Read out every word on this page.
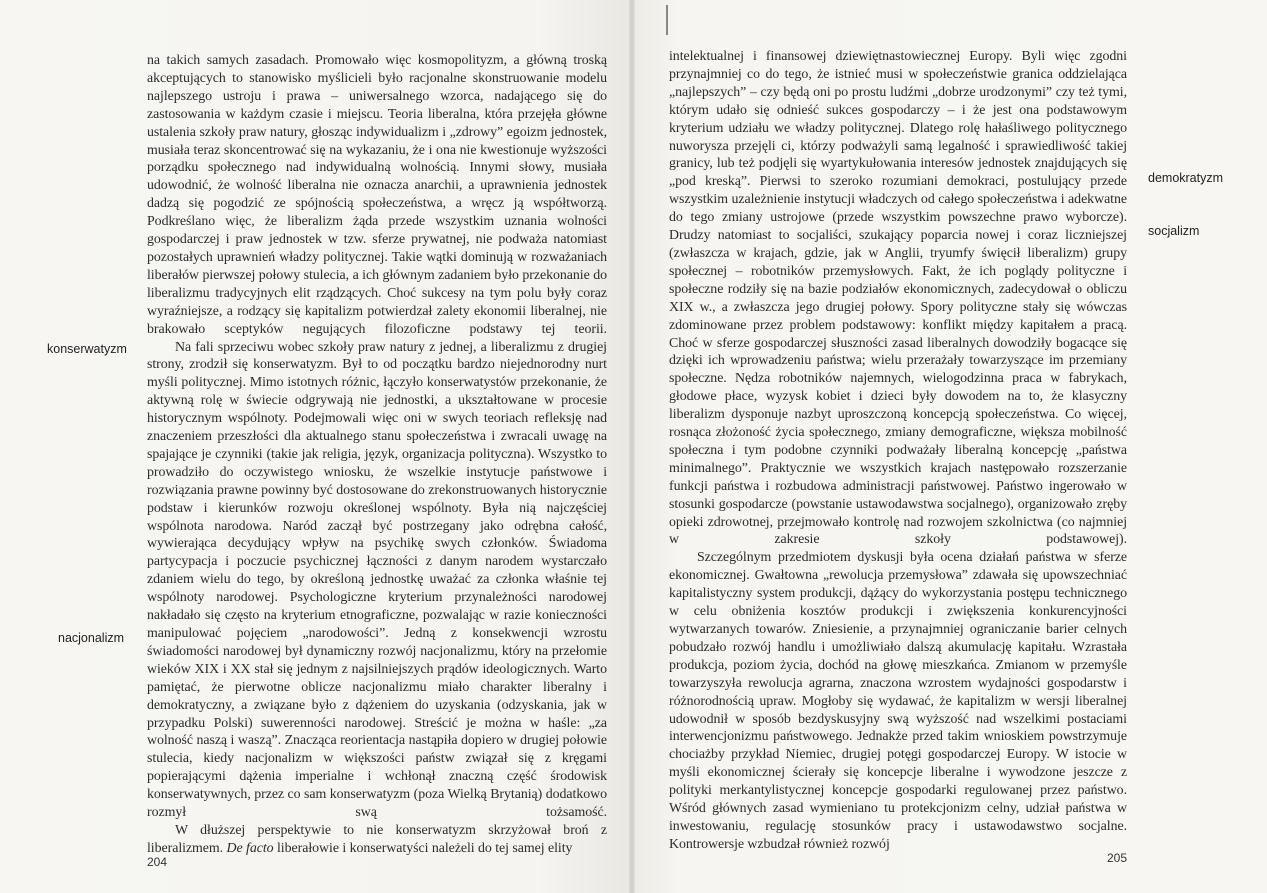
na takich samych zasadach. Promowało więc kosmopolityzm, a główną troską akceptujących to stanowisko myślicieli było racjonalne skonstruowanie modelu najlepszego ustroju i prawa – uniwersalnego wzorca, nadającego się do zastosowania w każdym czasie i miejscu. Teoria liberalna, która przejęła główne ustalenia szkoły praw natury, głosząc indywidualizm i „zdrowy” egoizm jednostek, musiała teraz skoncentrować się na wykazaniu, że i ona nie kwestionuje wyższości porządku społecznego nad indywidualną wolnością. Innymi słowy, musiała udowodnić, że wolność liberalna nie oznacza anarchii, a uprawnienia jednostek dadzą się pogodzić ze spójnością społeczeństwa, a wręcz ją współtworzą. Podkreślano więc, że liberalizm żąda przede wszystkim uznania wolności gospodarczej i praw jednostek w tzw. sferze prywatnej, nie podważa natomiast pozostałych uprawnień władzy politycznej. Takie wątki dominują w rozważaniach liberałów pierwszej połowy stulecia, a ich głównym zadaniem było przekonanie do liberalizmu tradycyjnych elit rządzących. Choć sukcesy na tym polu były coraz wyraźniejsze, a rodzący się kapitalizm potwierdzał zalety ekonomii liberalnej, nie brakowało sceptyków negujących filozoficzne podstawy tej teorii.

Na fali sprzeciwu wobec szkoły praw natury z jednej, a liberalizmu z drugiej strony, zrodził się konserwatyzm. Był to od początku bardzo niejednorodny nurt myśli politycznej. Mimo istotnych różnic, łączyło konserwatystów przekonanie, że aktywną rolę w świecie odgrywają nie jednostki, a ukształtowane w procesie historycznym wspólnoty. Podejmowali więc oni w swych teoriach refleksję nad znaczeniem przeszłości dla aktualnego stanu społeczeństwa i zwracali uwagę na spajające je czynniki (takie jak religia, język, organizacja polityczna). Wszystko to prowadziło do oczywistego wniosku, że wszelkie instytucje państwowe i rozwiązania prawne powinny być dostosowane do zrekonstruowanych historycznie podstaw i kierunków rozwoju określonej wspólnoty. Była nią najczęściej wspólnota narodowa. Naród zaczął być postrzegany jako odrębna całość, wywierająca decydujący wpływ na psychikę swych członków. Świadoma partycypacja i poczucie psychicznej łączności z danym narodem wystarczało zdaniem wielu do tego, by określoną jednostkę uważać za członka właśnie tej wspólnoty narodowej. Psychologiczne kryterium przynależności narodowej nakładało się często na kryterium etnograficzne, pozwalając w razie konieczności manipulować pojęciem „narodowości”. Jedną z konsekwencji wzrostu świadomości narodowej był dynamiczny rozwój nacjonalizmu, który na przełomie wieków XIX i XX stał się jednym z najsilniejszych prądów ideologicznych. Warto pamiętać, że pierwotne oblicze nacjonalizmu miało charakter liberalny i demokratyczny, a związane było z dążeniem do uzyskania (odzyskania, jak w przypadku Polski) suwerenności narodowej. Streścić je można w haśle: „za wolność naszą i waszą”. Znacząca reorientacja nastąpiła dopiero w drugiej połowie stulecia, kiedy nacjonalizm w większości państw związał się z kręgami popierającymi dążenia imperialne i wchłonął znaczną część środowisk konserwatywnych, przez co sam konserwatyzm (poza Wielką Brytanią) dodatkowo rozmył swą tożsamość.

W dłuższej perspektywie to nie konserwatyzm skrzyżował broń z liberalizmem. De facto liberałowie i konserwatyści należeli do tej samej elity

konserwatyzm
nacjonalizm
204

intelektualnej i finansowej dziewiętnastowiecznej Europy. Byli więc zgodni przynajmniej co do tego, że istnieć musi w społeczeństwie granica oddzielająca „najlepszych” – czy będą oni po prostu ludźmi „dobrze urodzonymi” czy też tymi, którym udało się odnieść sukces gospodarczy – i że jest ona podstawowym kryterium udziału we władzy politycznej. Dlatego rolę hałaśliwego politycznego nuworysza przejęli ci, którzy podważyli samą legalność i sprawiedliwość takiej granicy, lub też podjęli się wyartykułowania interesów jednostek znajdujących się „pod kreską”. Pierwsi to szeroko rozumiani demokraci, postulujący przede wszystkim uzależnienie instytucji władczych od całego społeczeństwa i adekwatne do tego zmiany ustrojowe (przede wszystkim powszechne prawo wyborcze). Drudzy natomiast to socjaliści, szukający poparcia nowej i coraz liczniejszej (zwłaszcza w krajach, gdzie, jak w Anglii, tryumfy święcił liberalizm) grupy społecznej – robotników przemysłowych. Fakt, że ich poglądy polityczne i społeczne rodziły się na bazie podziałów ekonomicznych, zadecydował o obliczu XIX w., a zwłaszcza jego drugiej połowy. Spory polityczne stały się wówczas zdominowane przez problem podstawowy: konflikt między kapitałem a pracą. Choć w sferze gospodarczej słuszności zasad liberalnych dowodziły bogacące się dzięki ich wprowadzeniu państwa; wielu przerażały towarzyszące im przemiany społeczne. Nędza robotników najemnych, wielogodzinna praca w fabrykach, głodowe płace, wyzysk kobiet i dzieci były dowodem na to, że klasyczny liberalizm dysponuje nazbyt uproszczoną koncepcją społeczeństwa. Co więcej, rosnąca złożoność życia społecznego, zmiany demograficzne, większa mobilność społeczna i tym podobne czynniki podważały liberalną koncepcję „państwa minimalnego”. Praktycznie we wszystkich krajach następowało rozszerzanie funkcji państwa i rozbudowa administracji państwowej. Państwo ingerowało w stosunki gospodarcze (powstanie ustawodawstwa socjalnego), organizowało zręby opieki zdrowotnej, przejmowało kontrolę nad rozwojem szkolnictwa (co najmniej w zakresie szkoły podstawowej).

Szczególnym przedmiotem dyskusji była ocena działań państwa w sferze ekonomicznej. Gwałtowna „rewolucja przemysłowa” zdawała się upowszechniać kapitalistyczny system produkcji, dążący do wykorzystania postępu technicznego w celu obniżenia kosztów produkcji i zwiększenia konkurencyjności wytwarzanych towarów. Zniesienie, a przynajmniej ograniczanie barier celnych pobudzało rozwój handlu i umożliwiało dalszą akumulację kapitału. Wzrastała produkcja, poziom życia, dochód na głowę mieszkańca. Zmianom w przemyśle towarzyszyła rewolucja agrarna, znaczona wzrostem wydajności gospodarstw i różnorodnością upraw. Mogłoby się wydawać, że kapitalizm w wersji liberalnej udowodnił w sposób bezdyskusyjny swą wyższość nad wszelkimi postaciami interwencjonizmu państwowego. Jednakże przed takim wnioskiem powstrzymuje chociażby przykład Niemiec, drugiej potęgi gospodarczej Europy. W istocie w myśli ekonomicznej ścierały się koncepcje liberalne i wywodzone jeszcze z polityki merkantylistycznej koncepcje gospodarki regulowanej przez państwo. Wśród głównych zasad wymieniano tu protekcjonizm celny, udział państwa w inwestowaniu, regulację stosunków pracy i ustawodawstwo socjalne. Kontrowersje wzbudzał również rozwój

demokratyzm
socjalizm
205
